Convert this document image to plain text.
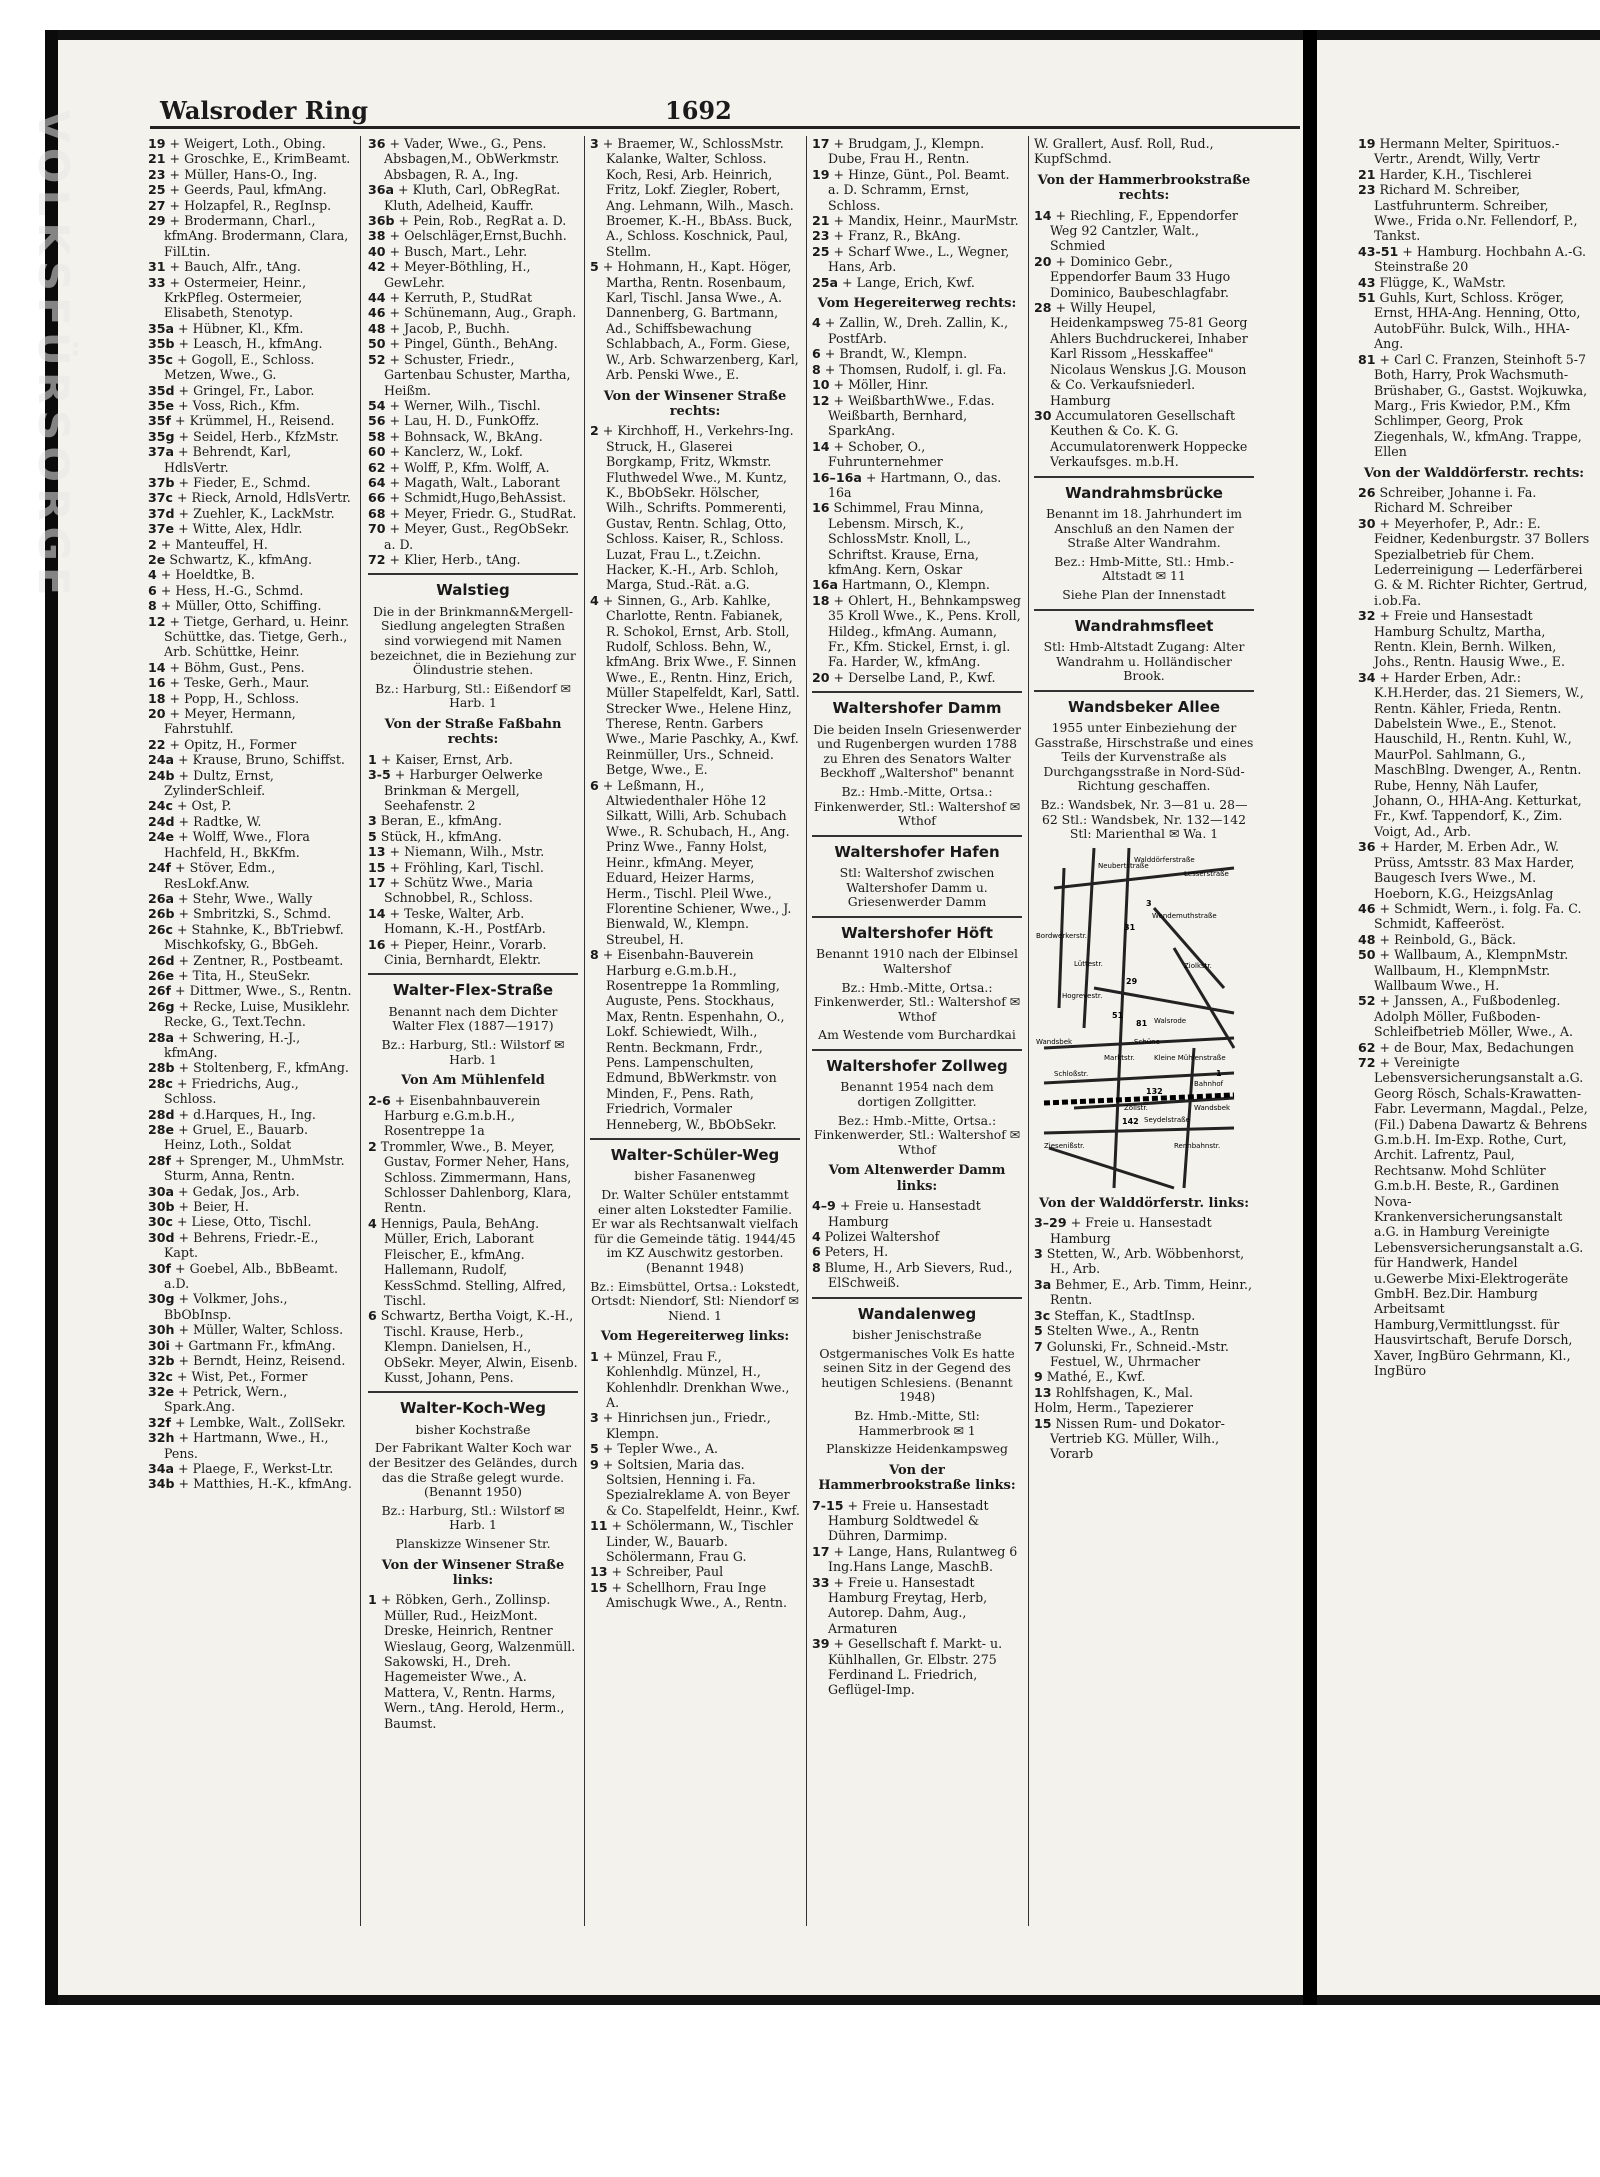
VOLKSFÜRSORGE	Walsroder Ring	1692
19 + Weigert, Loth., Obing.
21 + Groschke, E., KrimBeamt.
23 + Müller, Hans-O., Ing.
25 + Geerds, Paul, kfmAng.
27 + Holzapfel, R., RegInsp.
29 + Brodermann, Charl., kfmAng. Brodermann, Clara, FilLtin.
31 + Bauch, Alfr., tAng.
33 + Ostermeier, Heinr., KrkPfleg. Ostermeier, Elisabeth, Stenotyp.
35a + Hübner, Kl., Kfm.
35b + Leasch, H., kfmAng.
35c + Gogoll, E., Schloss. Metzen, Wwe., G.
35d + Gringel, Fr., Labor.
35e + Voss, Rich., Kfm.
35f + Krümmel, H., Reisend.
35g + Seidel, Herb., KfzMstr.
37a + Behrendt, Karl, HdlsVertr.
37b + Fieder, E., Schmd.
37c + Rieck, Arnold, HdlsVertr.
37d + Zuehler, K., LackMstr.
37e + Witte, Alex, Hdlr.
2 + Manteuffel, H.
2e Schwartz, K., kfmAng.
4 + Hoeldtke, B.
6 + Hess, H.-G., Schmd.
8 + Müller, Otto, Schiffing.
12 + Tietge, Gerhard, u. Heinr. Schüttke, das. Tietge, Gerh., Arb. Schüttke, Heinr.
14 + Böhm, Gust., Pens.
16 + Teske, Gerh., Maur.
18 + Popp, H., Schloss.
20 + Meyer, Hermann, Fahrstuhlf.
22 + Opitz, H., Former
24a + Krause, Bruno, Schiffst.
24b + Dultz, Ernst, ZylinderSchleif.
24c + Ost, P.
24d + Radtke, W.
24e + Wolff, Wwe., Flora Hachfeld, H., BkKfm.
24f + Stöver, Edm., ResLokf.Anw.
26a + Stehr, Wwe., Wally
26b + Smbritzki, S., Schmd.
26c + Stahnke, K., BbTriebwf. Mischkofsky, G., BbGeh.
26d + Zentner, R., Postbeamt.
26e + Tita, H., SteuSekr.
26f + Dittmer, Wwe., S., Rentn.
26g + Recke, Luise, Musiklehr. Recke, G., Text.Techn.
28a + Schwering, H.-J., kfmAng.
28b + Stoltenberg, F., kfmAng.
28c + Friedrichs, Aug., Schloss.
28d + d.Harques, H., Ing.
28e + Gruel, E., Bauarb. Heinz, Loth., Soldat
28f + Sprenger, M., UhmMstr. Sturm, Anna, Rentn.
30a + Gedak, Jos., Arb.
30b + Beier, H.
30c + Liese, Otto, Tischl.
30d + Behrens, Friedr.-E., Kapt.
30f + Goebel, Alb., BbBeamt. a.D.
30g + Volkmer, Johs., BbObInsp.
30h + Müller, Walter, Schloss.
30i + Gartmann Fr., kfmAng.
32b + Berndt, Heinz, Reisend.
32c + Wist, Pet., Former
32e + Petrick, Wern., Spark.Ang.
32f + Lembke, Walt., ZollSekr.
32h + Hartmann, Wwe., H., Pens.
34a + Plaege, F., Werkst-Ltr.
34b + Matthies, H.-K., kfmAng.
36 + Vader, Wwe., G., Pens. Absbagen,M., ObWerkmstr. Absbagen, R. A., Ing.
36a + Kluth, Carl, ObRegRat. Kluth, Adelheid, Kauffr.
36b + Pein, Rob., RegRat a. D.
38 + Oelschläger,Ernst,Buchh.
40 + Busch, Mart., Lehr.
42 + Meyer-Böthling, H., GewLehr.
44 + Kerruth, P., StudRat
46 + Schünemann, Aug., Graph.
48 + Jacob, P., Buchh.
50 + Pingel, Günth., BehAng.
52 + Schuster, Friedr., Gartenbau Schuster, Martha, Heißm.
54 + Werner, Wilh., Tischl.
56 + Lau, H. D., FunkOffz.
58 + Bohnsack, W., BkAng.
60 + Kanclerz, W., Lokf.
62 + Wolff, P., Kfm. Wolff, A.
64 + Magath, Walt., Laborant
66 + Schmidt,Hugo,BehAssist.
68 + Meyer, Friedr. G., StudRat.
70 + Meyer, Gust., RegObSekr. a. D.
72 + Klier, Herb., tAng.
Walstieg
Die in der Brinkmann&Mergell-Siedlung angelegten Straßen sind vorwiegend mit Namen bezeichnet, die in Beziehung zur Ölindustrie stehen.
Bz.: Harburg, Stl.: Eißendorf ✉ Harb. 1
Von der Straße Faßbahn rechts:
1 + Kaiser, Ernst, Arb.
3-5 + Harburger Oelwerke Brinkman & Mergell, Seehafenstr. 2
3 Beran, E., kfmAng.
5 Stück, H., kfmAng.
13 + Niemann, Wilh., Mstr.
15 + Fröhling, Karl, Tischl.
17 + Schütz Wwe., Maria Schnobbel, R., Schloss.
14 + Teske, Walter, Arb. Homann, K.-H., PostfArb.
16 + Pieper, Heinr., Vorarb. Cinia, Bernhardt, Elektr.
Walter-Flex-Straße
Benannt nach dem Dichter Walter Flex (1887—1917)
Bz.: Harburg, Stl.: Wilstorf ✉ Harb. 1
Von Am Mühlenfeld
2-6 + Eisenbahnbauverein Harburg e.G.m.b.H., Rosentreppe 1a
2 Trommler, Wwe., B. Meyer, Gustav, Former Neher, Hans, Schloss. Zimmermann, Hans, Schlosser Dahlenborg, Klara, Rentn.
4 Hennigs, Paula, BehAng. Müller, Erich, Laborant Fleischer, E., kfmAng. Hallemann, Rudolf, KessSchmd. Stelling, Alfred, Tischl.
6 Schwartz, Bertha Voigt, K.-H., Tischl. Krause, Herb., Klempn. Danielsen, H., ObSekr. Meyer, Alwin, Eisenb. Kusst, Johann, Pens.
Walter-Koch-Weg
bisher Kochstraße
Der Fabrikant Walter Koch war der Besitzer des Geländes, durch das die Straße gelegt wurde. (Benannt 1950)
Bz.: Harburg, Stl.: Wilstorf ✉ Harb. 1
Planskizze Winsener Str.
Von der Winsener Straße links:
1 + Röbken, Gerh., Zollinsp. Müller, Rud., HeizMont. Dreske, Heinrich, Rentner Wieslaug, Georg, Walzenmüll. Sakowski, H., Dreh. Hagemeister Wwe., A. Mattera, V., Rentn. Harms, Wern., tAng. Herold, Herm., Baumst.
3 + Braemer, W., SchlossMstr. Kalanke, Walter, Schloss. Koch, Resi, Arb. Heinrich, Fritz, Lokf. Ziegler, Robert, Ang. Lehmann, Wilh., Masch. Broemer, K.-H., BbAss. Buck, A., Schloss. Koschnick, Paul, Stellm.
5 + Hohmann, H., Kapt. Höger, Martha, Rentn. Rosenbaum, Karl, Tischl. Jansa Wwe., A. Dannenberg, G. Bartmann, Ad., Schiffsbewachung Schlabbach, A., Form. Giese, W., Arb. Schwarzenberg, Karl, Arb. Penski Wwe., E.
Von der Winsener Straße rechts:
2 + Kirchhoff, H., Verkehrs-Ing. Struck, H., Glaserei Borgkamp, Fritz, Wkmstr. Fluthwedel Wwe., M. Kuntz, K., BbObSekr. Hölscher, Wilh., Schrifts. Pommerenti, Gustav, Rentn. Schlag, Otto, Schloss. Kaiser, R., Schloss. Luzat, Frau L., t.Zeichn. Hacker, K.-H., Arb. Schloh, Marga, Stud.-Rät. a.G.
4 + Sinnen, G., Arb. Kahlke, Charlotte, Rentn. Fabianek, R. Schokol, Ernst, Arb. Stoll, Rudolf, Schloss. Behn, W., kfmAng. Brix Wwe., F. Sinnen Wwe., E., Rentn. Hinz, Erich, Müller Stapelfeldt, Karl, Sattl. Strecker Wwe., Helene Hinz, Therese, Rentn. Garbers Wwe., Marie Paschky, A., Kwf. Reinmüller, Urs., Schneid. Betge, Wwe., E.
6 + Leßmann, H., Altwiedenthaler Höhe 12 Silkatt, Willi, Arb. Schubach Wwe., R. Schubach, H., Ang. Prinz Wwe., Fanny Holst, Heinr., kfmAng. Meyer, Eduard, Heizer Harms, Herm., Tischl. Pleil Wwe., Florentine Schiener, Wwe., J. Bienwald, W., Klempn. Streubel, H.
8 + Eisenbahn-Bauverein Harburg e.G.m.b.H., Rosentreppe 1a Rommling, Auguste, Pens. Stockhaus, Max, Rentn. Espenhahn, O., Lokf. Schiewiedt, Wilh., Rentn. Beckmann, Frdr., Pens. Lampenschulten, Edmund, BbWerkmstr. von Minden, F., Pens. Rath, Friedrich, Vormaler Henneberg, W., BbObSekr.
Walter-Schüler-Weg
bisher Fasanenweg
Dr. Walter Schüler entstammt einer alten Lokstedter Familie. Er war als Rechtsanwalt vielfach für die Gemeinde tätig. 1944/45 im KZ Auschwitz gestorben. (Benannt 1948)
Bz.: Eimsbüttel, Ortsa.: Lokstedt, Ortsdt: Niendorf, Stl: Niendorf ✉ Niend. 1
Vom Hegereiterweg links:
1 + Münzel, Frau F., Kohlenhdlg. Münzel, H., Kohlenhdlr. Drenkhan Wwe., A.
3 + Hinrichsen jun., Friedr., Klempn.
5 + Tepler Wwe., A.
9 + Soltsien, Maria das. Soltsien, Henning i. Fa. Spezialreklame A. von Beyer & Co. Stapelfeldt, Heinr., Kwf.
11 + Schölermann, W., Tischler Linder, W., Bauarb. Schölermann, Frau G.
13 + Schreiber, Paul
15 + Schellhorn, Frau Inge Amischugk Wwe., A., Rentn.
17 + Brudgam, J., Klempn. Dube, Frau H., Rentn.
19 + Hinze, Günt., Pol. Beamt. a. D. Schramm, Ernst, Schloss.
21 + Mandix, Heinr., MaurMstr.
23 + Franz, R., BkAng.
25 + Scharf Wwe., L., Wegner, Hans, Arb.
25a + Lange, Erich, Kwf.
Vom Hegereiterweg rechts:
4 + Zallin, W., Dreh. Zallin, K., PostfArb.
6 + Brandt, W., Klempn.
8 + Thomsen, Rudolf, i. gl. Fa.
10 + Möller, Hinr.
12 + WeißbarthWwe., F.das. Weißbarth, Bernhard, SparkAng.
14 + Schober, O., Fuhrunternehmer
16–16a + Hartmann, O., das. 16a
16 Schimmel, Frau Minna, Lebensm. Mirsch, K., SchlossMstr. Knoll, L., Schriftst. Krause, Erna, kfmAng. Kern, Oskar
16a Hartmann, O., Klempn.
18 + Ohlert, H., Behnkampsweg 35 Kroll Wwe., K., Pens. Kroll, Hildeg., kfmAng. Aumann, Fr., Kfm. Stickel, Ernst, i. gl. Fa. Harder, W., kfmAng.
20 + Derselbe Land, P., Kwf.
Waltershofer Damm
Die beiden Inseln Griesenwerder und Rugenbergen wurden 1788 zu Ehren des Senators Walter Beckhoff „Waltershof" benannt
Bz.: Hmb.-Mitte, Ortsa.: Finkenwerder, Stl.: Waltershof ✉ Wthof
Waltershofer Hafen
Stl: Waltershof zwischen Waltershofer Damm u. Griesenwerder Damm
Waltershofer Höft
Benannt 1910 nach der Elbinsel Waltershof
Bz.: Hmb.-Mitte, Ortsa.: Finkenwerder, Stl.: Waltershof ✉ Wthof
Am Westende vom Burchardkai
Waltershofer Zollweg
Benannt 1954 nach dem dortigen Zollgitter.
Bez.: Hmb.-Mitte, Ortsa.: Finkenwerder, Stl.: Waltershof ✉ Wthof
Vom Altenwerder Damm links:
4–9 + Freie u. Hansestadt Hamburg
4 Polizei Waltershof
6 Peters, H.
8 Blume, H., Arb Sievers, Rud., ElSchweiß.
Wandalenweg
bisher Jenischstraße
Ostgermanisches Volk Es hatte seinen Sitz in der Gegend des heutigen Schlesiens. (Benannt 1948)
Bz. Hmb.-Mitte, Stl: Hammerbrook ✉ 1
Planskizze Heidenkampsweg
Von der Hammerbrookstraße links:
7-15 + Freie u. Hansestadt Hamburg Soldtwedel & Dühren, Darmimp.
17 + Lange, Hans, Rulantweg 6 Ing.Hans Lange, MaschB.
33 + Freie u. Hansestadt Hamburg Freytag, Herb, Autorep. Dahm, Aug., Armaturen
39 + Gesellschaft f. Markt- u. Kühlhallen, Gr. Elbstr. 275 Ferdinand L. Friedrich, Geflügel-Imp.
W. Grallert, Ausf. Roll, Rud., KupfSchmd.
Von der Hammerbrookstraße rechts:
14 + Riechling, F., Eppendorfer Weg 92 Cantzler, Walt., Schmied
20 + Dominico Gebr., Eppendorfer Baum 33 Hugo Dominico, Baubeschlagfabr.
28 + Willy Heupel, Heidenkampsweg 75-81 Georg Ahlers Buchdruckerei, Inhaber Karl Rissom „Hesskaffee" Nicolaus Wenskus J.G. Mouson & Co. Verkaufsniederl. Hamburg
30 Accumulatoren Gesellschaft Keuthen & Co. K. G. Accumulatorenwerk Hoppecke Verkaufsges. m.b.H.
Wandrahmsbrücke
Benannt im 18. Jahrhundert im Anschluß an den Namen der Straße Alter Wandrahm.
Bez.: Hmb-Mitte, Stl.: Hmb.-Altstadt ✉ 11
Siehe Plan der Innenstadt
Wandrahmsfleet
Stl: Hmb-Altstadt Zugang: Alter Wandrahm u. Holländischer Brook.
Wandsbeker Allee
1955 unter Einbeziehung der Gasstraße, Hirschstraße und eines Teils der Kurvenstraße als Durchgangsstraße in Nord-Süd-Richtung geschaffen.
Bz.: Wandsbek, Nr. 3—81 u. 28—62 Stl.: Wandsbek, Nr. 132—142 Stl: Marienthal ✉ Wa. 1
Walddörferstraße
Lesserstraße
Neubertstraße
Wendemuthstraße
Bordwerkerstr.
Hogrevestr.
Lüttestr.	Ziolkstr.
Walsrode
Wandsbek	Schüne
Marktstr.	Kleine Mühlenstraße
Schloßstr.
Bahnhof
Zollstr.
Rennbahnstr.
Ziesenißstr.
Seydelstraße
Wandsbek
3
29
31
51
81
132
142
1
Von der Walddörferstr. links:
3–29 + Freie u. Hansestadt Hamburg
3 Stetten, W., Arb. Wöbbenhorst, H., Arb.
3a Behmer, E., Arb. Timm, Heinr., Rentn.
3c Steffan, K., StadtInsp.
5 Stelten Wwe., A., Rentn
7 Golunski, Fr., Schneid.-Mstr. Festuel, W., Uhrmacher
9 Mathé, E., Kwf.
13 Rohlfshagen, K., Mal.
Holm, Herm., Tapezierer
15 Nissen Rum- und Dokator-Vertrieb KG. Müller, Wilh., Vorarb
19 Hermann Melter, Spirituos.-Vertr., Arendt, Willy, Vertr
21 Harder, K.H., Tischlerei
23 Richard M. Schreiber, Lastfuhrunterm. Schreiber, Wwe., Frida o.Nr. Fellendorf, P., Tankst.
43-51 + Hamburg. Hochbahn A.-G. Steinstraße 20
43 Flügge, K., WaMstr.
51 Guhls, Kurt, Schloss. Kröger, Ernst, HHA-Ang. Henning, Otto, AutobFühr. Bulck, Wilh., HHA-Ang.
81 + Carl C. Franzen, Steinhoft 5-7 Both, Harry, Prok Wachsmuth-Brüshaber, G., Gastst. Wojkuwka, Marg., Fris Kwiedor, P.M., Kfm Schlimper, Georg, Prok Ziegenhals, W., kfmAng. Trappe, Ellen
Von der Walddörferstr. rechts:
26 Schreiber, Johanne i. Fa. Richard M. Schreiber
30 + Meyerhofer, P., Adr.: E. Feidner, Kedenburgstr. 37 Bollers Spezialbetrieb für Chem. Lederreinigung — Lederfärberei G. & M. Richter Richter, Gertrud, i.ob.Fa.
32 + Freie und Hansestadt Hamburg Schultz, Martha, Rentn. Klein, Bernh. Wilken, Johs., Rentn. Hausig Wwe., E.
34 + Harder Erben, Adr.: K.H.Herder, das. 21 Siemers, W., Rentn. Kähler, Frieda, Rentn. Dabelstein Wwe., E., Stenot. Hauschild, H., Rentn. Kuhl, W., MaurPol. Sahlmann, G., MaschBlng. Dwenger, A., Rentn. Rube, Henny, Näh Laufer, Johann, O., HHA-Ang. Ketturkat, Fr., Kwf. Tappendorf, K., Zim. Voigt, Ad., Arb.
36 + Harder, M. Erben Adr., W. Prüss, Amtsstr. 83 Max Harder, Baugesch Ivers Wwe., M. Hoeborn, K.G., HeizgsAnlag
46 + Schmidt, Wern., i. folg. Fa. C. Schmidt, Kaffeeröst.
48 + Reinbold, G., Bäck.
50 + Wallbaum, A., KlempnMstr. Wallbaum, H., KlempnMstr. Wallbaum Wwe., H.
52 + Janssen, A., Fußbodenleg. Adolph Möller, Fußboden-Schleifbetrieb Möller, Wwe., A.
62 + de Bour, Max, Bedachungen
72 + Vereinigte Lebensversicherungsanstalt a.G. Georg Rösch, Schals-Krawatten-Fabr. Levermann, Magdal., Pelze, (Fil.) Dabena Dawartz & Behrens G.m.b.H. Im-Exp. Rothe, Curt, Archit. Lafrentz, Paul, Rechtsanw. Mohd Schlüter G.m.b.H. Beste, R., Gardinen Nova-Krankenversicherungsanstalt a.G. in Hamburg Vereinigte Lebensversicherungsanstalt a.G. für Handwerk, Handel u.Gewerbe Mixi-Elektrogeräte GmbH. Bez.Dir. Hamburg Arbeitsamt Hamburg,Vermittlungsst. für Hausvirtschaft, Berufe Dorsch, Xaver, IngBüro Gehrmann, Kl., IngBüro
